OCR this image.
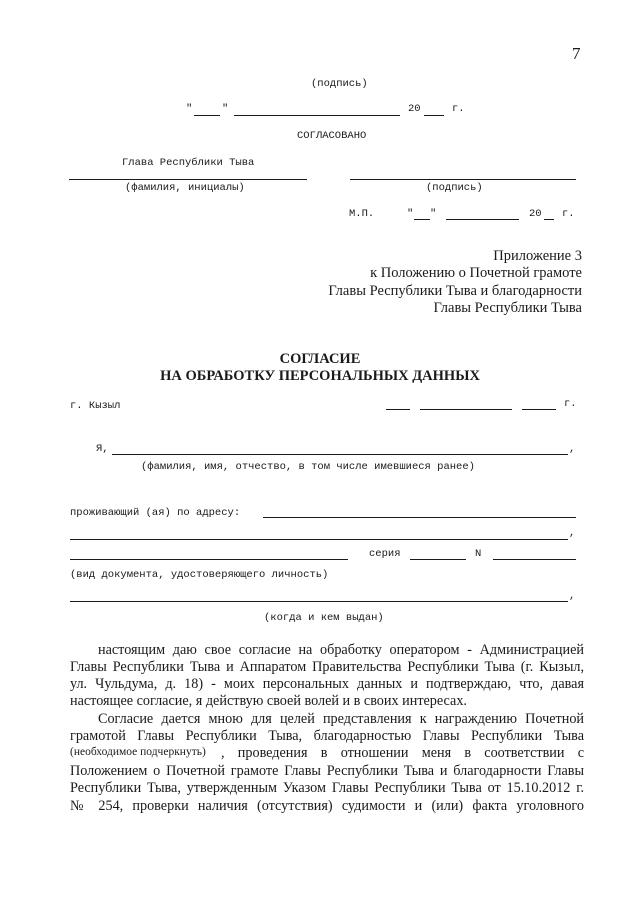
7
(подпись)
"	"	20	г.
СОГЛАСОВАНО
Глава Республики Тыва
(фамилия, инициалы)	(подпись)
М.П.	" "	20 г.
Приложение 3
к Положению о Почетной грамоте
Главы Республики Тыва и благодарности
Главы Республики Тыва
СОГЛАСИЕ
НА ОБРАБОТКУ ПЕРСОНАЛЬНЫХ ДАННЫХ
г. Кызыл	г.
Я,	,
(фамилия, имя, отчество, в том числе имевшиеся ранее)
проживающий (ая) по адресу:
,
серия	N
(вид документа, удостоверяющего личность)
,
(когда и кем выдан)
настоящим даю свое согласие на обработку оператором - Администрацией
Главы Республики Тыва и Аппаратом Правительства Республики Тыва (г. Кызыл,
ул. Чульдума, д. 18) - моих персональных данных и подтверждаю, что, давая
настоящее согласие, я действую своей волей и в своих интересах.
Согласие дается мною для целей представления к награждению Почетной
грамотой Главы Республики Тыва, благодарностью Главы Республики Тыва
(необходимое подчеркнуть) , проведения в отношении меня в соответствии с
Положением о Почетной грамоте Главы Республики Тыва и благодарности Главы
Республики Тыва, утвержденным Указом Главы Республики Тыва от 15.10.2012 г.
№ 254, проверки наличия (отсутствия) судимости и (или) факта уголовного
